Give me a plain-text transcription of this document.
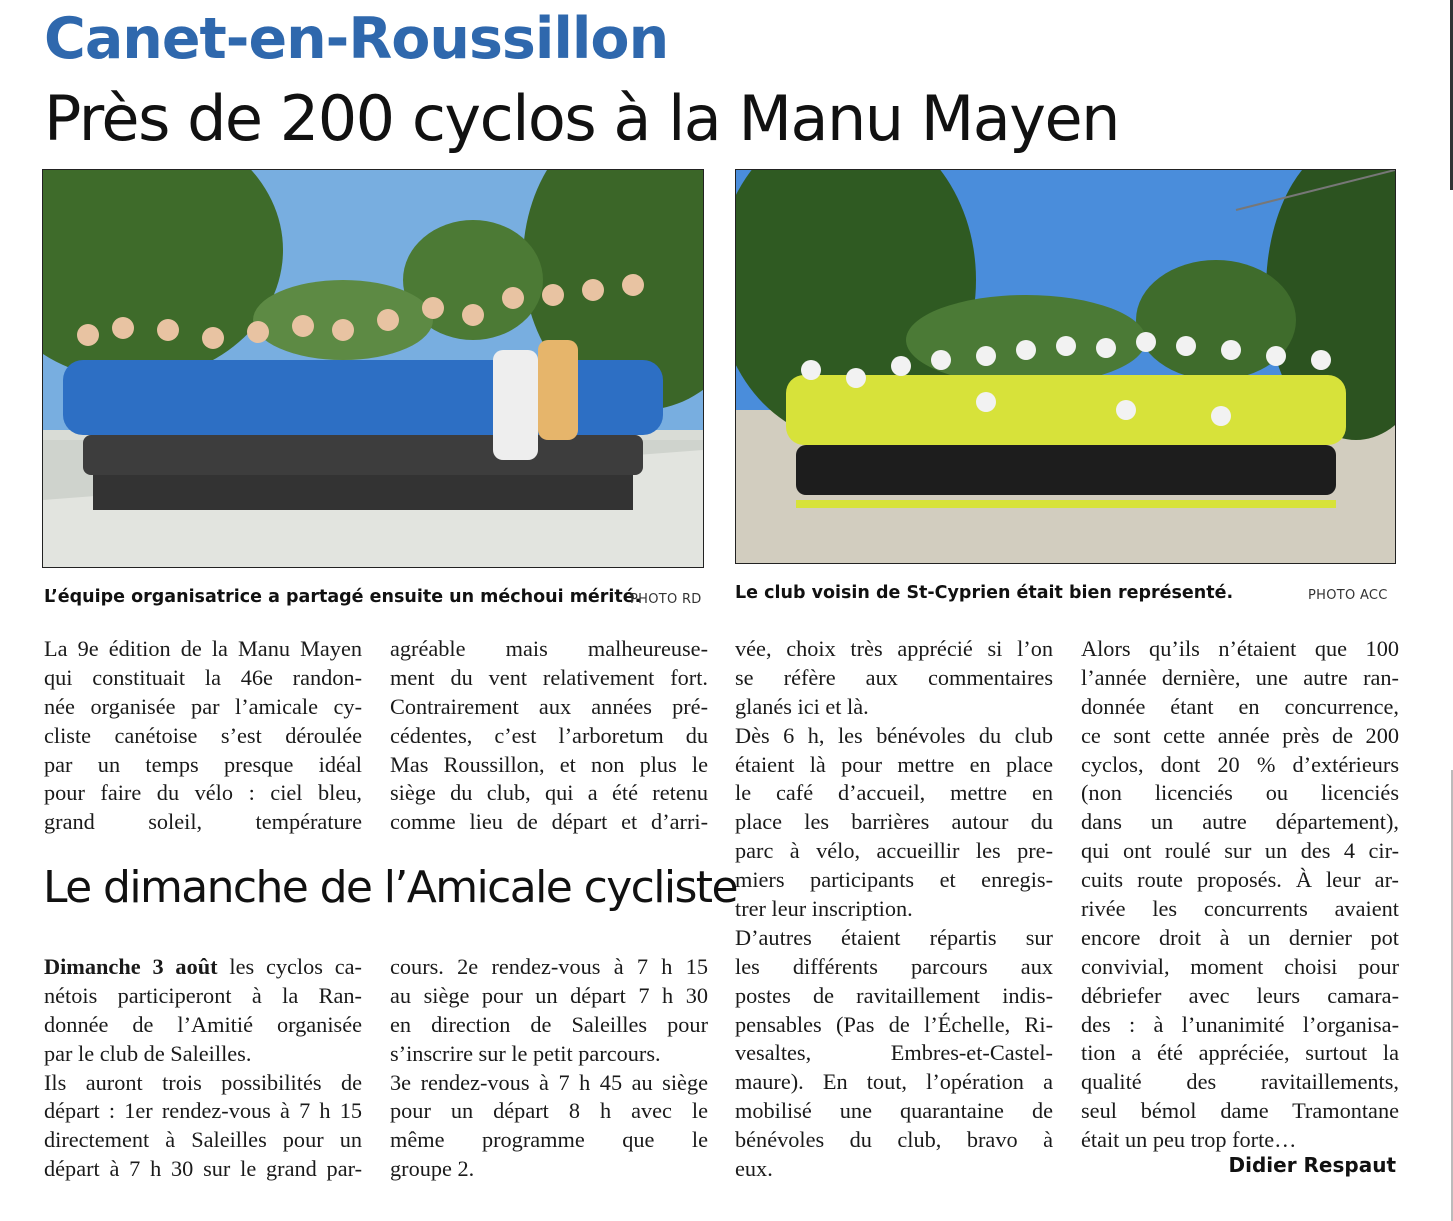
Canet-en-Roussillon
Près de 200 cyclos à la Manu Mayen
L’équipe organisatrice a partagé ensuite un méchoui mérité.
PHOTO RD Le club voisin de St-Cyprien était bien représenté.	PHOTO ACC
La 9e édition de la Manu Mayen
qui constituait la 46e randon-
née organisée par l’amicale cy-
cliste canétoise s’est déroulée
par un temps presque idéal
pour faire du vélo : ciel bleu,
grand soleil, température
agréable mais malheureuse-
ment du vent relativement fort.
Contrairement aux années pré-
cédentes, c’est l’arboretum du
Mas Roussillon, et non plus le
siège du club, qui a été retenu
comme lieu de départ et d’arri-
vée, choix très apprécié si l’on
se réfère aux commentaires
glanés ici et là.
Dès 6 h, les bénévoles du club
étaient là pour mettre en place
le café d’accueil, mettre en
place les barrières autour du
parc à vélo, accueillir les pre-
miers participants et enregis-
trer leur inscription.
D’autres étaient répartis sur
les différents parcours aux
postes de ravitaillement indis-
pensables (Pas de l’Échelle, Ri-
vesaltes, Embres-et-Castel-
maure). En tout, l’opération a
mobilisé une quarantaine de
bénévoles du club, bravo à
eux.
Alors qu’ils n’étaient que 100
l’année dernière, une autre ran-
donnée étant en concurrence,
ce sont cette année près de 200
cyclos, dont 20 % d’extérieurs
(non licenciés ou licenciés
dans un autre département),
qui ont roulé sur un des 4 cir-
cuits route proposés. À leur ar-
rivée les concurrents avaient
encore droit à un dernier pot
convivial, moment choisi pour
débriefer avec leurs camara-
des : à l’unanimité l’organisa-
tion a été appréciée, surtout la
qualité des ravitaillements,
seul bémol dame Tramontane
était un peu trop forte…
Le dimanche de l’Amicale cycliste
Dimanche 3 août les cyclos ca-
nétois participeront à la Ran-
donnée de l’Amitié organisée
par le club de Saleilles.
Ils auront trois possibilités de
départ : 1er rendez-vous à 7 h 15
directement à Saleilles pour un
départ à 7 h 30 sur le grand par-
cours. 2e rendez-vous à 7 h 15
au siège pour un départ 7 h 30
en direction de Saleilles pour
s’inscrire sur le petit parcours.
3e rendez-vous à 7 h 45 au siège
pour un départ 8 h avec le
même programme que le
groupe 2.	Didier Respaut
